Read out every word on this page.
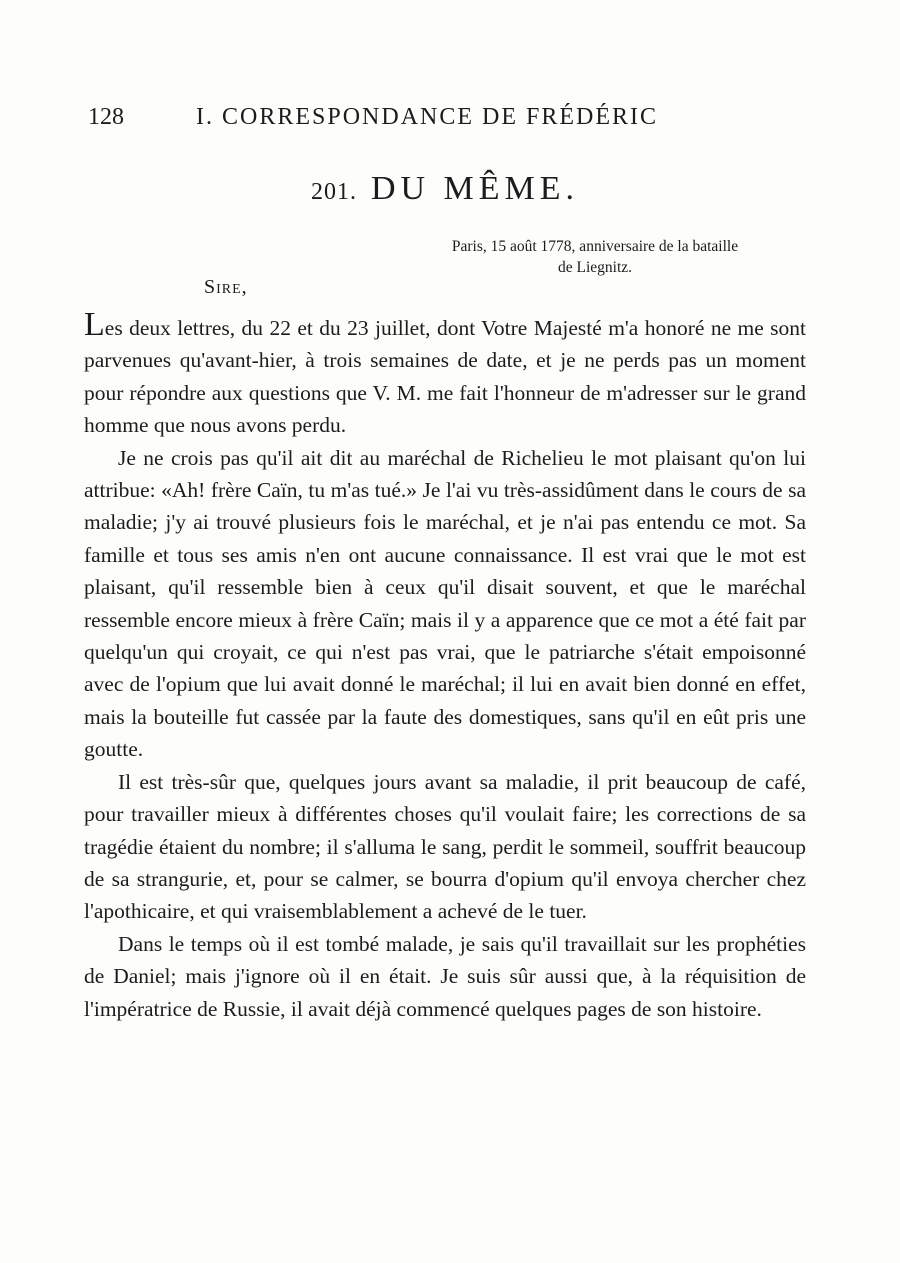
128	I. CORRESPONDANCE DE FRÉDÉRIC
201. DU MÊME.
Paris, 15 août 1778, anniversaire de la bataille
de Liegnitz.
Sire,

Les deux lettres, du 22 et du 23 juillet, dont Votre Majesté m'a honoré ne me sont parvenues qu'avant-hier, à trois semaines de date, et je ne perds pas un moment pour répondre aux questions que V. M. me fait l'honneur de m'adresser sur le grand homme que nous avons perdu.

Je ne crois pas qu'il ait dit au maréchal de Richelieu le mot plaisant qu'on lui attribue: «Ah! frère Caïn, tu m'as tué.» Je l'ai vu très-assidûment dans le cours de sa maladie; j'y ai trouvé plusieurs fois le maréchal, et je n'ai pas entendu ce mot. Sa famille et tous ses amis n'en ont aucune connaissance. Il est vrai que le mot est plaisant, qu'il ressemble bien à ceux qu'il disait souvent, et que le maréchal ressemble encore mieux à frère Caïn; mais il y a apparence que ce mot a été fait par quelqu'un qui croyait, ce qui n'est pas vrai, que le patriarche s'était empoisonné avec de l'opium que lui avait donné le maréchal; il lui en avait bien donné en effet, mais la bouteille fut cassée par la faute des domestiques, sans qu'il en eût pris une goutte.

Il est très-sûr que, quelques jours avant sa maladie, il prit beaucoup de café, pour travailler mieux à différentes choses qu'il voulait faire; les corrections de sa tragédie étaient du nombre; il s'alluma le sang, perdit le sommeil, souffrit beaucoup de sa strangurie, et, pour se calmer, se bourra d'opium qu'il envoya chercher chez l'apothicaire, et qui vraisemblablement a achevé de le tuer.

Dans le temps où il est tombé malade, je sais qu'il travaillait sur les prophéties de Daniel; mais j'ignore où il en était. Je suis sûr aussi que, à la réquisition de l'impératrice de Russie, il avait déjà commencé quelques pages de son histoire.
